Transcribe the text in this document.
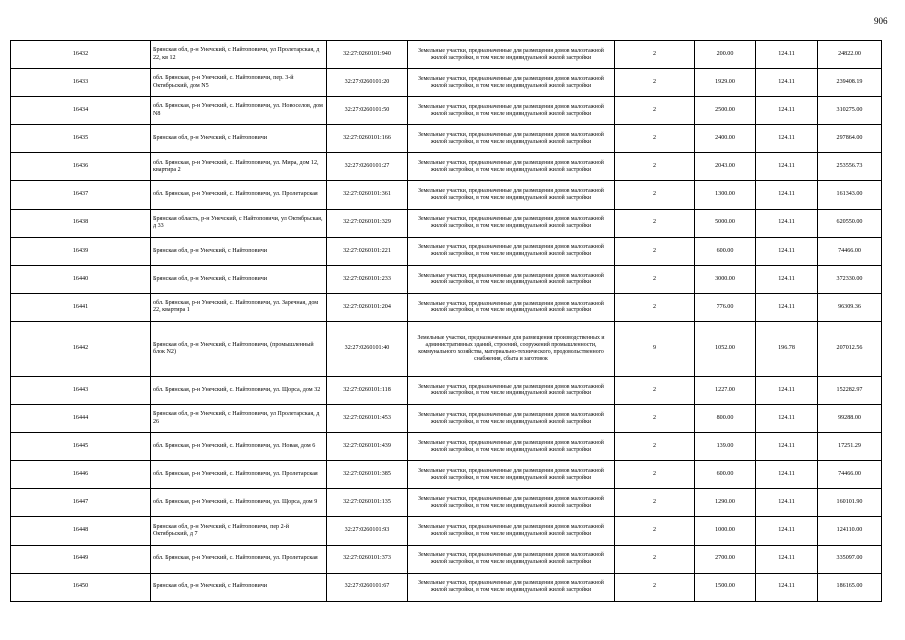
906
16432	Брянская обл, р-н Унечский, с Найтоповичи, ул Пролетарская, д 22, кв 12	32:27:0260101:940	Земельные участки, предназначенные для размещения домов малоэтажной жилой застройки, в том числе индивидуальной жилой застройки	2	200.00	124.11	24822.00
16433	обл. Брянская, р-н Унечский, с. Найтоповичи, пер. 3-й Октябрьский, дом N5	32:27:0260101:20	Земельные участки, предназначенные для размещения домов малоэтажной жилой застройки, в том числе индивидуальной жилой застройки	2	1929.00	124.11	239408.19
16434	обл. Брянская, р-н Унечский, с. Найтоповичи, ул. Новоселов, дом N8	32:27:0260101:50	Земельные участки, предназначенные для размещения домов малоэтажной жилой застройки, в том числе индивидуальной жилой застройки	2	2500.00	124.11	310275.00
16435	Брянская обл, р-н Унечский, с Найтоповичи	32:27:0260101:166	Земельные участки, предназначенные для размещения домов малоэтажной жилой застройки, в том числе индивидуальной жилой застройки	2	2400.00	124.11	297864.00
16436	обл. Брянская, р-н Унечский, с. Найтоповичи, ул. Мира, дом 12, квартира 2	32:27:0260101:27	Земельные участки, предназначенные для размещения домов малоэтажной жилой застройки, в том числе индивидуальной жилой застройки	2	2043.00	124.11	253556.73
16437	обл. Брянская, р-н Унечский, с. Найтоповичи, ул. Пролетарская	32:27:0260101:361	Земельные участки, предназначенные для размещения домов малоэтажной жилой застройки, в том числе индивидуальной жилой застройки	2	1300.00	124.11	161343.00
16438	Брянская область, р-н Унечский, с Найтоповичи, ул Октябрьская, д 33	32:27:0260101:329	Земельные участки, предназначенные для размещения домов малоэтажной жилой застройки, в том числе индивидуальной жилой застройки	2	5000.00	124.11	620550.00
16439	Брянская обл, р-н Унечский, с Найтоповичи	32:27:0260101:221	Земельные участки, предназначенные для размещения домов малоэтажной жилой застройки, в том числе индивидуальной жилой застройки	2	600.00	124.11	74466.00
16440	Брянская обл, р-н Унечский, с Найтоповичи	32:27:0260101:233	Земельные участки, предназначенные для размещения домов малоэтажной жилой застройки, в том числе индивидуальной жилой застройки	2	3000.00	124.11	372330.00
16441	обл. Брянская, р-н Унечский, с. Найтоповичи, ул. Заречная, дом 22, квартира 1	32:27:0260101:204	Земельные участки, предназначенные для размещения домов малоэтажной жилой застройки, в том числе индивидуальной жилой застройки	2	776.00	124.11	96309.36
16442	Брянская обл, р-н Унечский, с Найтоповичи, (промышленный блок N2)	32:27:0260101:40	Земельные участки, предназначенные для размещения производственных и административных зданий, строений, сооружений промышленности, коммунального хозяйства, материально-технического, продовольственного снабжения, сбыта и заготовок	9	1052.00	196.78	207012.56
16443	обл. Брянская, р-н Унечский, с. Найтоповичи, ул. Щорса, дом 32	32:27:0260101:118	Земельные участки, предназначенные для размещения домов малоэтажной жилой застройки, в том числе индивидуальной жилой застройки	2	1227.00	124.11	152282.97
16444	Брянская обл, р-н Унечский, с Найтоповичи, ул Пролетарская, д 26	32:27:0260101:453	Земельные участки, предназначенные для размещения домов малоэтажной жилой застройки, в том числе индивидуальной жилой застройки	2	800.00	124.11	99288.00
16445	обл. Брянская, р-н Унечский, с. Найтоповичи, ул. Новая, дом 6	32:27:0260101:439	Земельные участки, предназначенные для размещения домов малоэтажной жилой застройки, в том числе индивидуальной жилой застройки	2	139.00	124.11	17251.29
16446	обл. Брянская, р-н Унечский, с. Найтоповичи, ул. Пролетарская	32:27:0260101:385	Земельные участки, предназначенные для размещения домов малоэтажной жилой застройки, в том числе индивидуальной жилой застройки	2	600.00	124.11	74466.00
16447	обл. Брянская, р-н Унечский, с. Найтоповичи, ул. Щорса, дом 9	32:27:0260101:135	Земельные участки, предназначенные для размещения домов малоэтажной жилой застройки, в том числе индивидуальной жилой застройки	2	1290.00	124.11	160101.90
16448	Брянская обл, р-н Унечский, с Найтоповичи, пер 2-й Октябрьский, д 7	32:27:0260101:93	Земельные участки, предназначенные для размещения домов малоэтажной жилой застройки, в том числе индивидуальной жилой застройки	2	1000.00	124.11	124110.00
16449	обл. Брянская, р-н Унечский, с. Найтоповичи, ул. Пролетарская	32:27:0260101:373	Земельные участки, предназначенные для размещения домов малоэтажной жилой застройки, в том числе индивидуальной жилой застройки	2	2700.00	124.11	335097.00
16450	Брянская обл, р-н Унечский, с Найтоповичи	32:27:0260101:67	Земельные участки, предназначенные для размещения домов малоэтажной жилой застройки, в том числе индивидуальной жилой застройки	2	1500.00	124.11	186165.00
